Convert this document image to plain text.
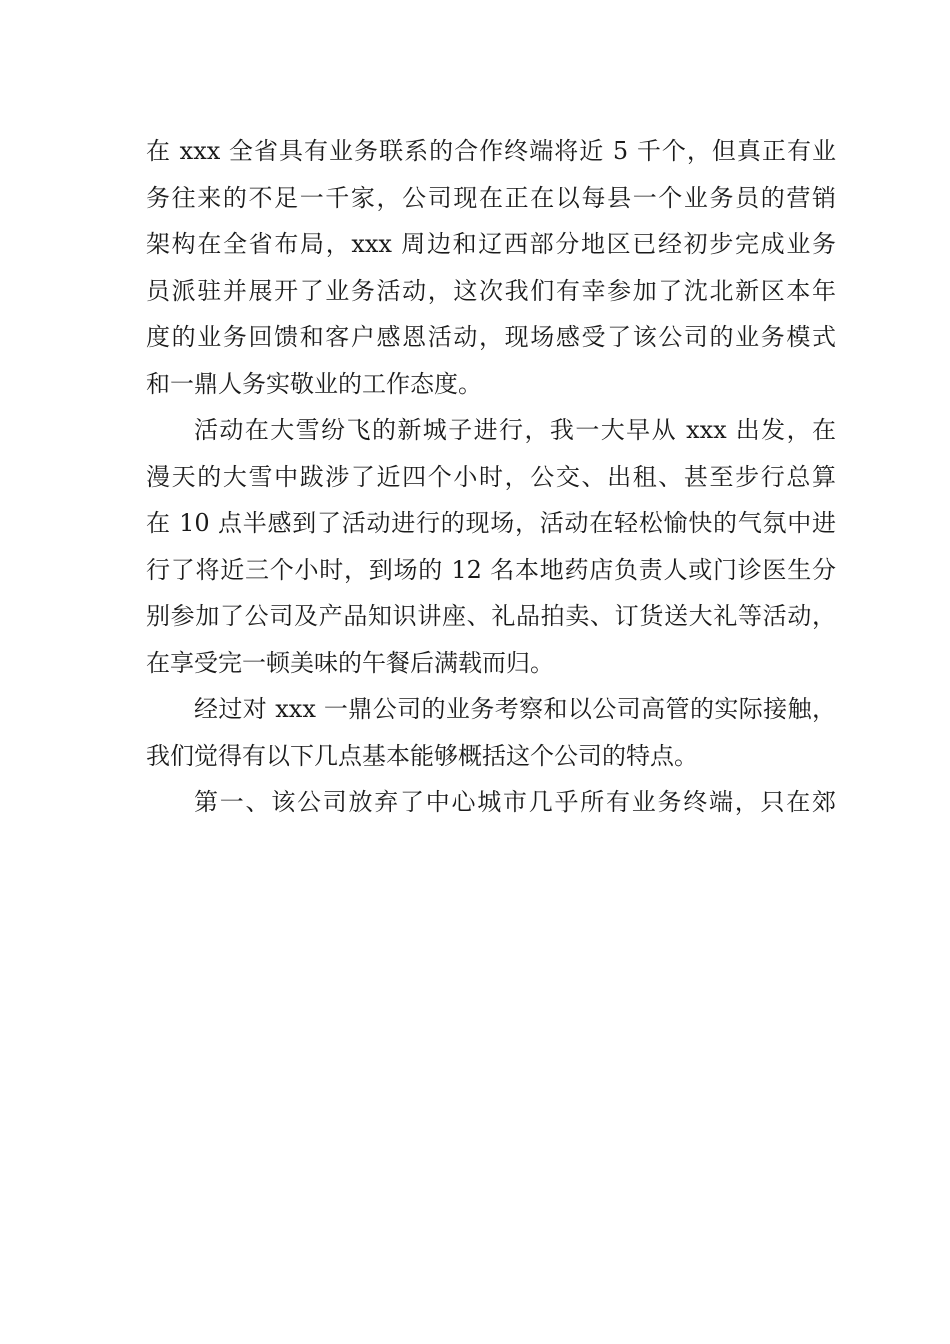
在 xxx 全省具有业务联系的合作终端将近 5 千个，但真正有业

务往来的不足一千家，公司现在正在以每县一个业务员的营销

架构在全省布局，xxx 周边和辽西部分地区已经初步完成业务

员派驻并展开了业务活动，这次我们有幸参加了沈北新区本年

度的业务回馈和客户感恩活动，现场感受了该公司的业务模式

和一鼎人务实敬业的工作态度。

活动在大雪纷飞的新城子进行，我一大早从 xxx 出发，在

漫天的大雪中跋涉了近四个小时，公交、出租、甚至步行总算

在 10 点半感到了活动进行的现场，活动在轻松愉快的气氛中进

行了将近三个小时，到场的 12 名本地药店负责人或门诊医生分

别参加了公司及产品知识讲座、礼品拍卖、订货送大礼等活动，

在享受完一顿美味的午餐后满载而归。

经过对 xxx 一鼎公司的业务考察和以公司高管的实际接触，

我们觉得有以下几点基本能够概括这个公司的特点。

第一、该公司放弃了中心城市几乎所有业务终端，只在郊
